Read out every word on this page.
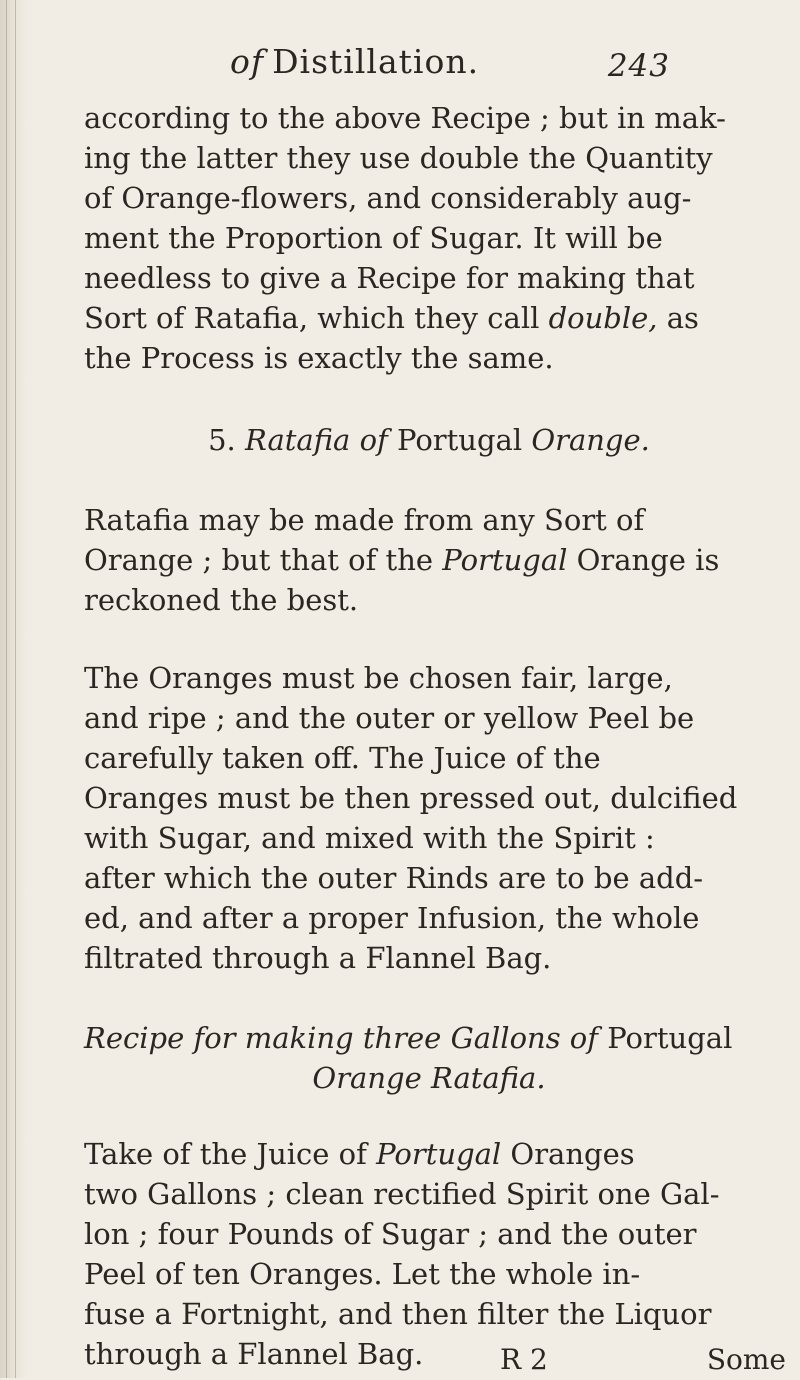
of Distillation.	243
according to the above Recipe ; but in mak-
ing the latter they use double the Quantity
of Orange-flowers, and considerably aug-
ment the Proportion of Sugar. It will be
needless to give a Recipe for making that
Sort of Ratafia, which they call double, as
the Process is exactly the same.
5. Ratafia of Portugal Orange.
Ratafia may be made from any Sort of
Orange ; but that of the Portugal Orange is
reckoned the best.
The Oranges must be chosen fair, large,
and ripe ; and the outer or yellow Peel be
carefully taken off. The Juice of the
Oranges must be then pressed out, dulcified
with Sugar, and mixed with the Spirit :
after which the outer Rinds are to be add-
ed, and after a proper Infusion, the whole
filtrated through a Flannel Bag.
Recipe for making three Gallons of Portugal
Orange Ratafia.
Take of the Juice of Portugal Oranges
two Gallons ; clean rectified Spirit one Gal-
lon ; four Pounds of Sugar ; and the outer
Peel of ten Oranges. Let the whole in-
fuse a Fortnight, and then filter the Liquor
through a Flannel Bag.	R 2	Some
